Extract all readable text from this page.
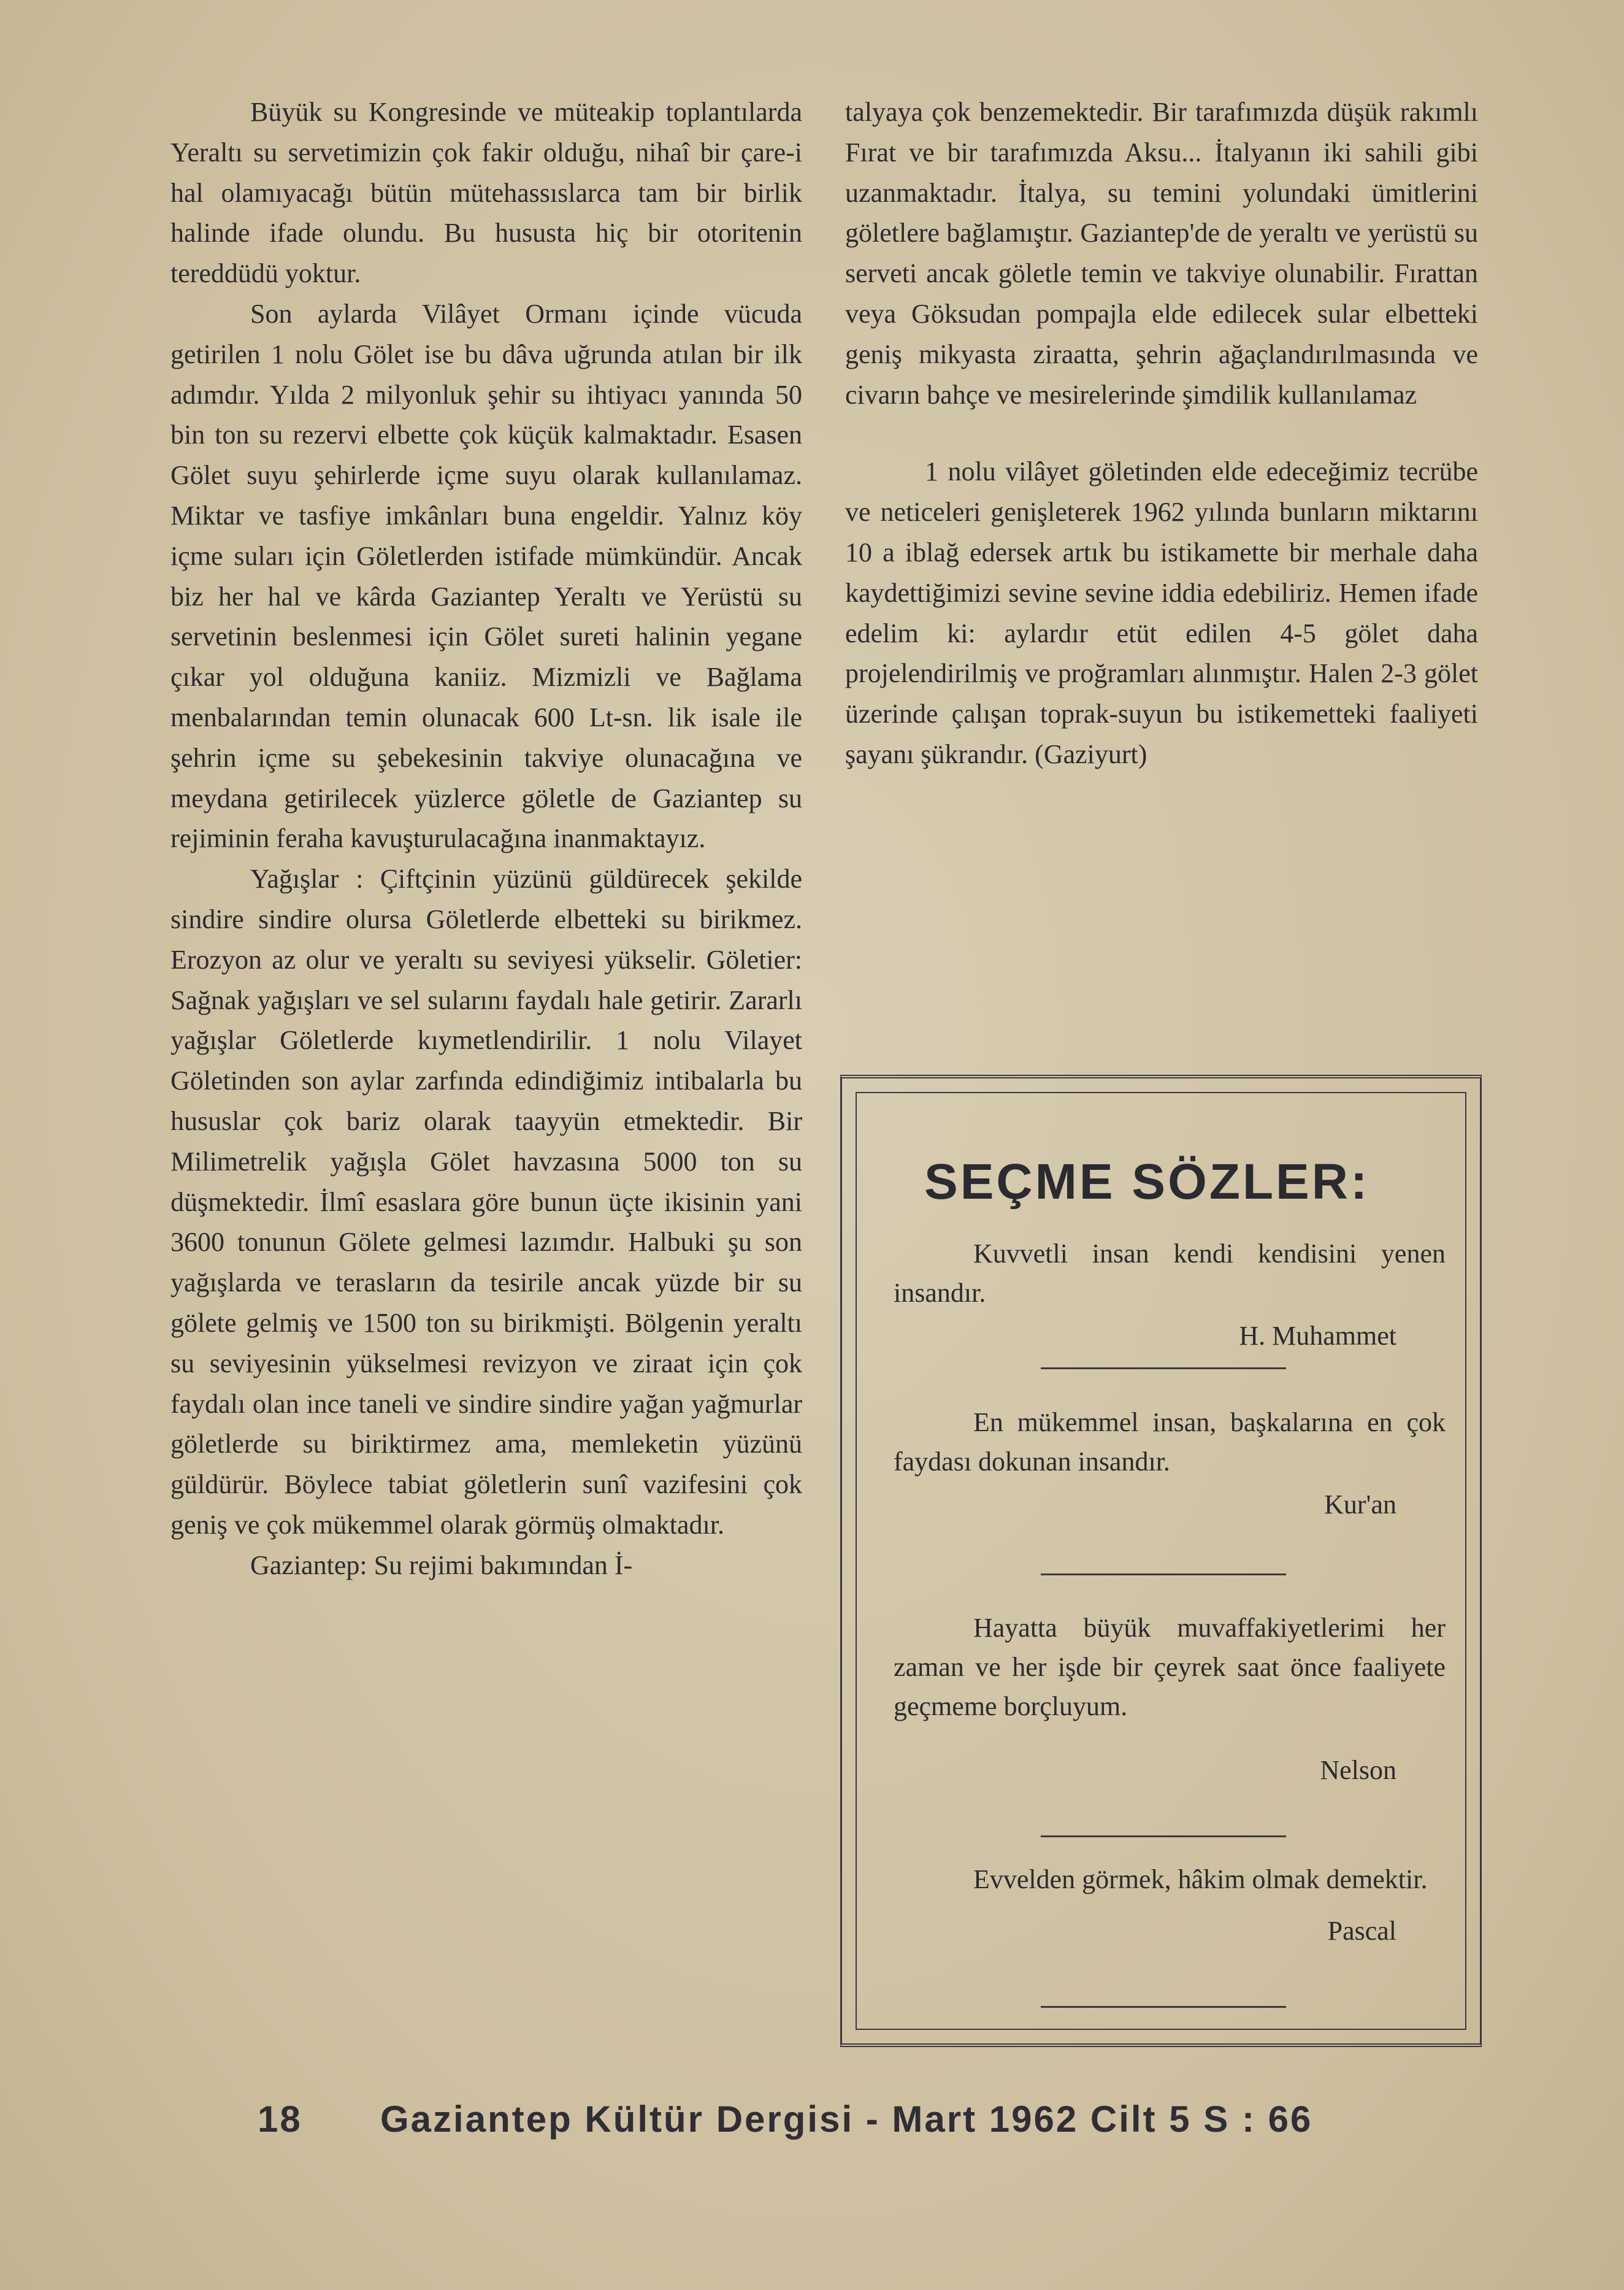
Büyük su Kongresinde ve müteakip toplantılarda Yeraltı su servetimizin çok fakir olduğu, nihaî bir çare-i hal olamıyacağı bütün mütehassıslarca tam bir birlik halinde ifade olundu. Bu hususta hiç bir otoritenin tereddüdü yoktur.

Son aylarda Vilâyet Ormanı içinde vücuda getirilen 1 nolu Gölet ise bu dâva uğrunda atılan bir ilk adımdır. Yılda 2 milyonluk şehir su ihtiyacı yanında 50 bin ton su rezervi elbette çok küçük kalmaktadır. Esasen Gölet suyu şehirlerde içme suyu olarak kullanılamaz. Miktar ve tasfiye imkânları buna engeldir. Yalnız köy içme suları için Göletlerden istifade mümkündür. Ancak biz her hal ve kârda Gaziantep Yeraltı ve Yerüstü su servetinin beslenmesi için Gölet sureti halinin yegane çıkar yol olduğuna kaniiz. Mizmizli ve Bağlama menbalarından temin olunacak 600 Lt-sn. lik isale ile şehrin içme su şebekesinin takviye olunacağına ve meydana getirilecek yüzlerce göletle de Gaziantep su rejiminin feraha kavuşturulacağına inanmaktayız.

Yağışlar : Çiftçinin yüzünü güldürecek şekilde sindire sindire olursa Göletlerde elbetteki su birikmez. Erozyon az olur ve yeraltı su seviyesi yükselir. Göletier: Sağnak yağışları ve sel sularını faydalı hale getirir. Zararlı yağışlar Göletlerde kıymetlendirilir. 1 nolu Vilayet Göletinden son aylar zarfında edindiğimiz intibalarla bu hususlar çok bariz olarak taayyün etmektedir. Bir Milimetrelik yağışla Gölet havzasına 5000 ton su düşmektedir. İlmî esaslara göre bunun üçte ikisinin yani 3600 tonunun Gölete gelmesi lazımdır. Halbuki şu son yağışlarda ve terasların da tesirile ancak yüzde bir su gölete gelmiş ve 1500 ton su birikmişti. Bölgenin yeraltı su seviyesinin yükselmesi revizyon ve ziraat için çok faydalı olan ince taneli ve sindire sindire yağan yağmurlar göletlerde su biriktirmez ama, memleketin yüzünü güldürür. Böylece tabiat göletlerin sunî vazifesini çok geniş ve çok mükemmel olarak görmüş olmaktadır.

Gaziantep: Su rejimi bakımından İ-

talyaya çok benzemektedir. Bir tarafımızda düşük rakımlı Fırat ve bir tarafımızda Aksu... İtalyanın iki sahili gibi uzanmaktadır. İtalya, su temini yolundaki ümitlerini göletlere bağlamıştır. Gaziantep'de de yeraltı ve yerüstü su serveti ancak göletle temin ve takviye olunabilir. Fırattan veya Göksudan pompajla elde edilecek sular elbetteki geniş mikyasta ziraatta, şehrin ağaçlandırılmasında ve civarın bahçe ve mesirelerinde şimdilik kullanılamaz

1 nolu vilâyet göletinden elde edeceğimiz tecrübe ve neticeleri genişleterek 1962 yılında bunların miktarını 10 a iblağ edersek artık bu istikamette bir merhale daha kaydettiğimizi sevine sevine iddia edebiliriz. Hemen ifade edelim ki: aylardır etüt edilen 4-5 gölet daha projelendirilmiş ve proğramları alınmıştır. Halen 2-3 gölet üzerinde çalışan toprak-suyun bu istikemetteki faaliyeti şayanı şükrandır. (Gaziyurt)

SEÇME SÖZLER:
Kuvvetli insan kendi kendisini yenen insandır.
H. Muhammet
En mükemmel insan, başkalarına en çok faydası dokunan insandır.
Kur'an
Hayatta büyük muvaffakiyetlerimi her zaman ve her işde bir çeyrek saat önce faaliyete geçmeme borçluyum.
Nelson
Evvelden görmek, hâkim olmak demektir.
Pascal
18 Gaziantep Kültür Dergisi - Mart 1962 Cilt 5 S : 66
